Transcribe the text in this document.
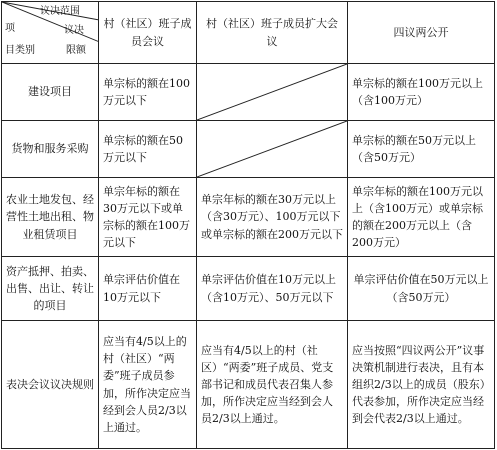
议决范围
项 议决
目类别 限额	村（社区）班子成员会议	村（社区）班子成员扩大会议	四议两公开
建设项目	单宗标的额在100万元以下		单宗标的额在100万元以上（含100万元）
货物和服务采购	单宗标的额在50万元以下		单宗标的额在50万元以上（含50万元）
农业土地发包、经营性土地出租、物业租赁项目	单宗年标的额在30万元以下或单宗标的额在100万元以下	单宗年标的额在30万元以上（含30万元）、100万元以下或单宗标的额在200万元以下	单宗年标的额在100万元以上（含100万元）或单宗标的额在200万元以上（含200万元）
资产抵押、拍卖、出售、出让、转让的项目	单宗评估价值在10万元以下	单宗评估价值在10万元以上（含10万元）、50万元以下	单宗评估价值在50万元以上（含50万元）
表决会议议决规则	应当有4/5以上的村（社区）“两委”班子成员参加，所作决定应当经到会人员2/3以上通过。	应当有4/5以上的村（社区）“两委”班子成员、党支部书记和成员代表召集人参加，所作决定应当经到会人员2/3以上通过。	应当按照“四议两公开”议事决策机制进行表决，且有本组织2/3以上的成员（股东）代表参加，所作决定应当经到会代表2/3以上通过。
